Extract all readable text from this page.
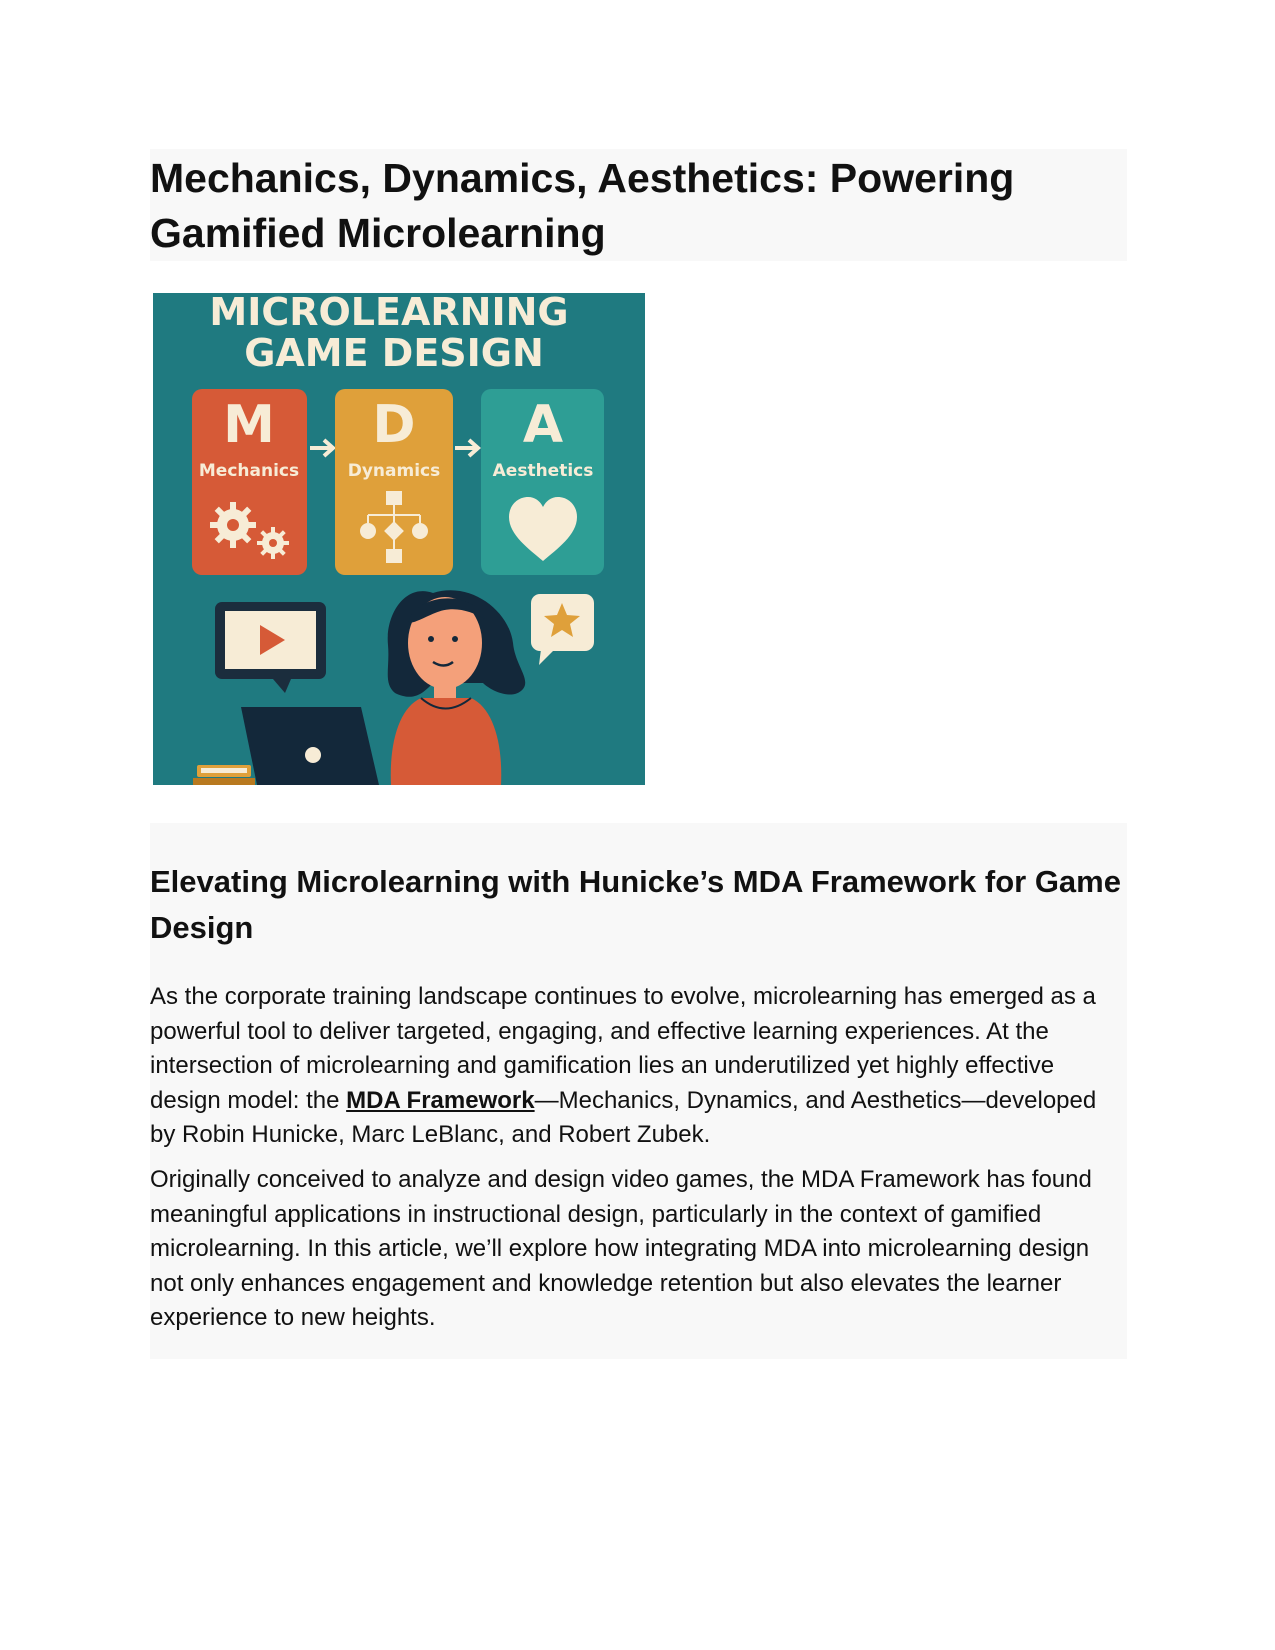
Mechanics, Dynamics, Aesthetics: Powering Gamified Microlearning
MICROLEARNING
GAME DESIGN
M
Mechanics
D
Dynamics
A
Aesthetics
Elevating Microlearning with Hunicke’s MDA Framework for Game Design

As the corporate training landscape continues to evolve, microlearning has emerged as a powerful tool to deliver targeted, engaging, and effective learning experiences. At the intersection of microlearning and gamification lies an underutilized yet highly effective design model: the MDA Framework—Mechanics, Dynamics, and Aesthetics—developed by Robin Hunicke, Marc LeBlanc, and Robert Zubek.

Originally conceived to analyze and design video games, the MDA Framework has found meaningful applications in instructional design, particularly in the context of gamified microlearning. In this article, we’ll explore how integrating MDA into microlearning design not only enhances engagement and knowledge retention but also elevates the learner experience to new heights.
